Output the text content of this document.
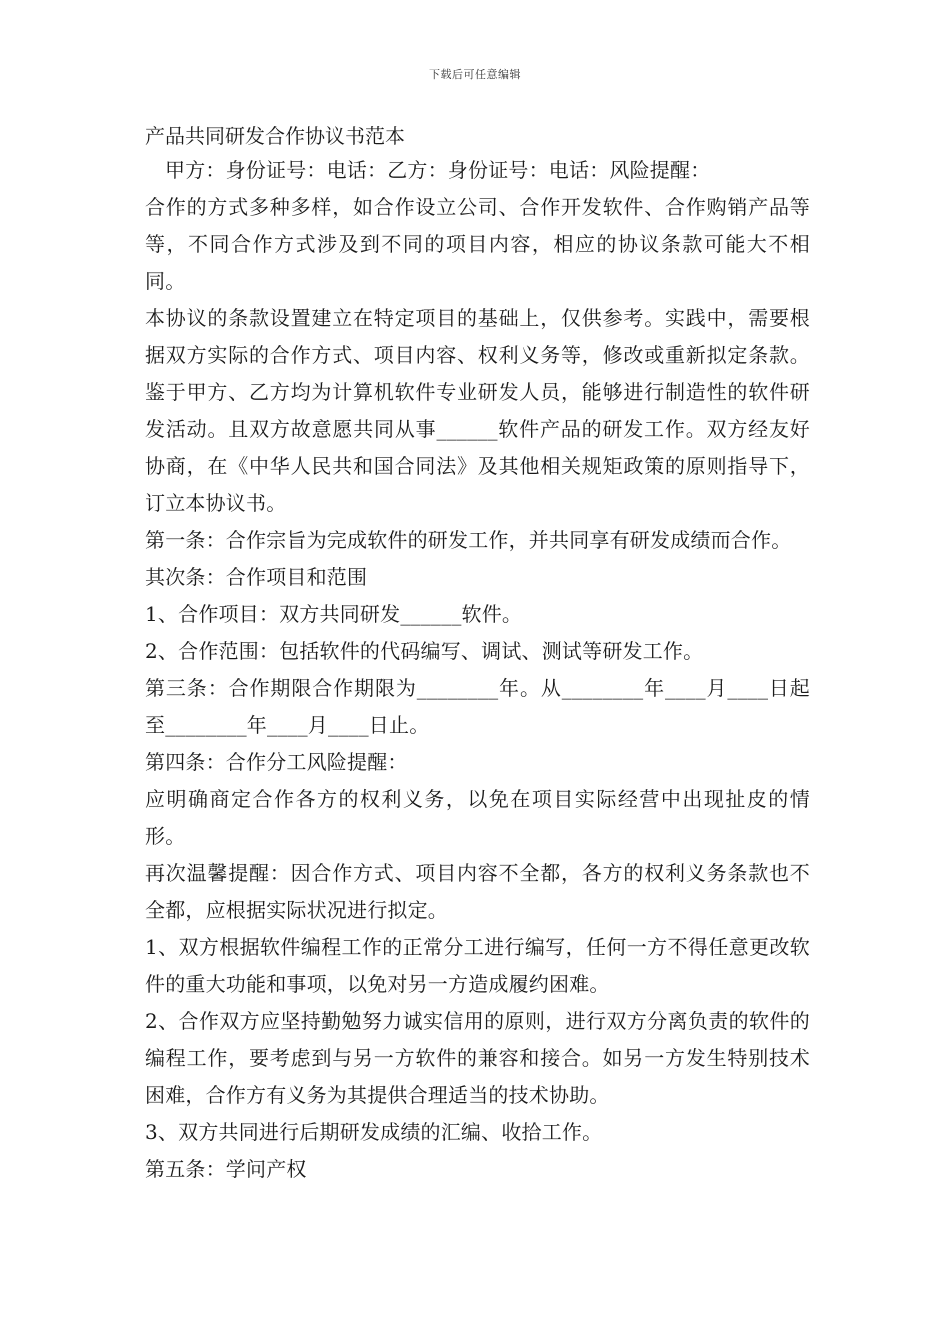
下载后可任意编辑
产品共同研发合作协议书范本

甲方：身份证号：电话：乙方：身份证号：电话：风险提醒：

合作的方式多种多样，如合作设立公司、合作开发软件、合作购销产品等等，不同合作方式涉及到不同的项目内容，相应的协议条款可能大不相同。

本协议的条款设置建立在特定项目的基础上，仅供参考。实践中，需要根据双方实际的合作方式、项目内容、权利义务等，修改或重新拟定条款。 鉴于甲方、乙方均为计算机软件专业研发人员，能够进行制造性的软件研发活动。且双方故意愿共同从事______软件产品的研发工作。双方经友好协商，在《中华人民共和国合同法》及其他相关规矩政策的原则指导下，订立本协议书。

第一条：合作宗旨为完成软件的研发工作，并共同享有研发成绩而合作。

其次条：合作项目和范围

1、合作项目：双方共同研发______软件。

2、合作范围：包括软件的代码编写、调试、测试等研发工作。

第三条：合作期限合作期限为________年。从________年____月____日起至________年____月____日止。

第四条：合作分工风险提醒：

应明确商定合作各方的权利义务，以免在项目实际经营中出现扯皮的情形。

再次温馨提醒：因合作方式、项目内容不全都，各方的权利义务条款也不全都，应根据实际状况进行拟定。

1、双方根据软件编程工作的正常分工进行编写，任何一方不得任意更改软件的重大功能和事项，以免对另一方造成履约困难。

2、合作双方应坚持勤勉努力诚实信用的原则，进行双方分离负责的软件的编程工作，要考虑到与另一方软件的兼容和接合。如另一方发生特别技术困难，合作方有义务为其提供合理适当的技术协助。

3、双方共同进行后期研发成绩的汇编、收拾工作。

第五条：学问产权
